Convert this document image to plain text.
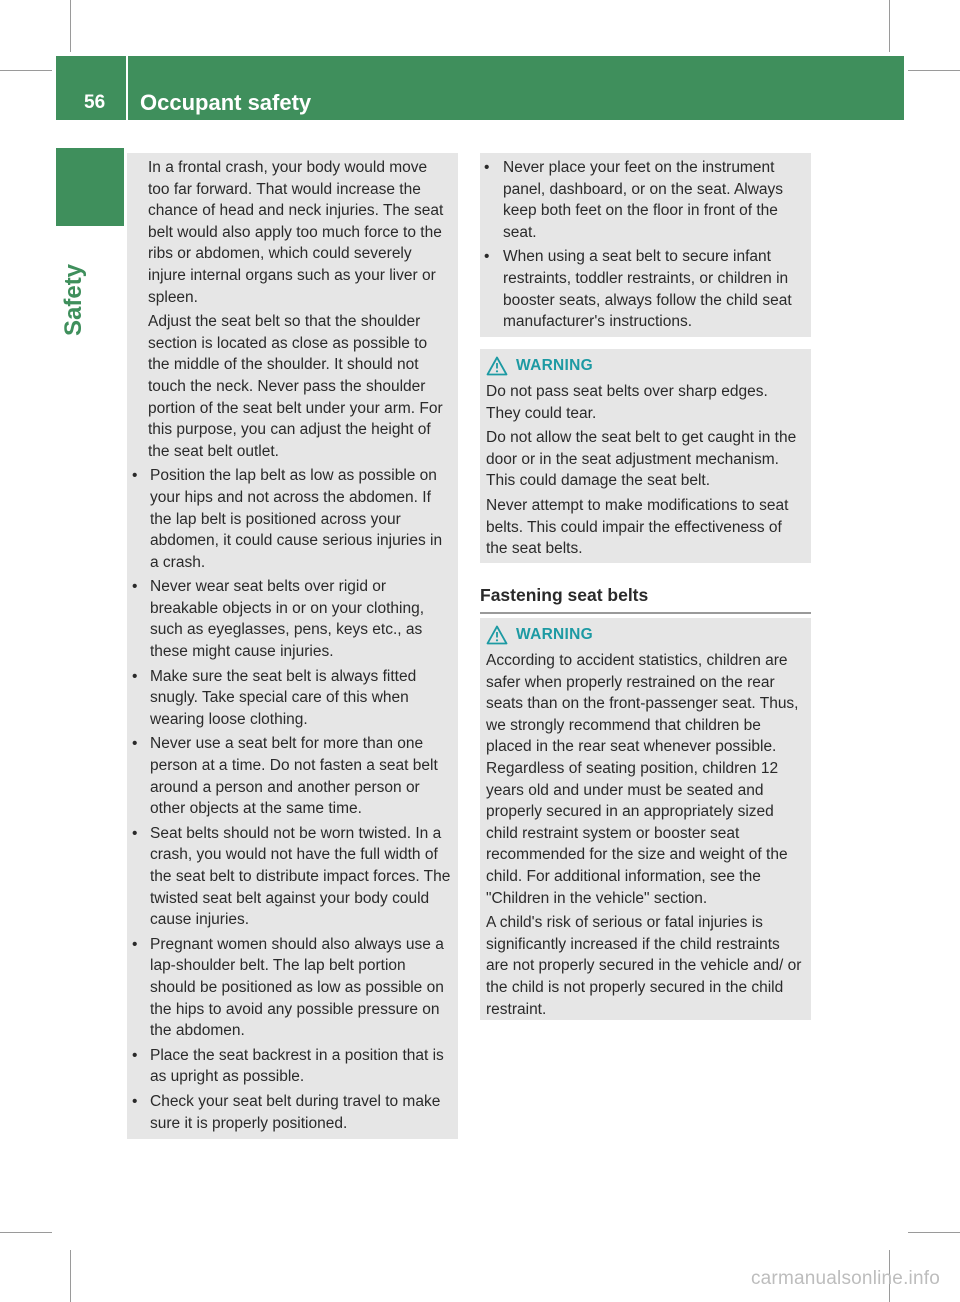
56 Occupant safety
Safety

In a frontal crash, your body would move too far forward. That would increase the chance of head and neck injuries. The seat belt would also apply too much force to the ribs or abdomen, which could severely injure internal organs such as your liver or spleen.

Adjust the seat belt so that the shoulder section is located as close as possible to the middle of the shoulder. It should not touch the neck. Never pass the shoulder portion of the seat belt under your arm. For this purpose, you can adjust the height of the seat belt outlet.

• Position the lap belt as low as possible on your hips and not across the abdomen. If the lap belt is positioned across your abdomen, it could cause serious injuries in a crash.
• Never wear seat belts over rigid or breakable objects in or on your clothing, such as eyeglasses, pens, keys etc., as these might cause injuries.
• Make sure the seat belt is always fitted snugly. Take special care of this when wearing loose clothing.
• Never use a seat belt for more than one person at a time. Do not fasten a seat belt around a person and another person or other objects at the same time.
• Seat belts should not be worn twisted. In a crash, you would not have the full width of the seat belt to distribute impact forces. The twisted seat belt against your body could cause injuries.
• Pregnant women should also always use a lap-shoulder belt. The lap belt portion should be positioned as low as possible on the hips to avoid any possible pressure on the abdomen.
• Place the seat backrest in a position that is as upright as possible.
• Check your seat belt during travel to make sure it is properly positioned.
• Never place your feet on the instrument panel, dashboard, or on the seat. Always keep both feet on the floor in front of the seat.
• When using a seat belt to secure infant restraints, toddler restraints, or children in booster seats, always follow the child seat manufacturer's instructions.
WARNING

Do not pass seat belts over sharp edges. They could tear.

Do not allow the seat belt to get caught in the door or in the seat adjustment mechanism. This could damage the seat belt.

Never attempt to make modifications to seat belts. This could impair the effectiveness of the seat belts.

Fastening seat belts
WARNING

According to accident statistics, children are safer when properly restrained on the rear seats than on the front-passenger seat. Thus, we strongly recommend that children be placed in the rear seat whenever possible. Regardless of seating position, children 12 years old and under must be seated and properly secured in an appropriately sized child restraint system or booster seat recommended for the size and weight of the child. For additional information, see the "Children in the vehicle" section.

A child's risk of serious or fatal injuries is significantly increased if the child restraints are not properly secured in the vehicle and/ or the child is not properly secured in the child restraint.

carmanualsonline.info
